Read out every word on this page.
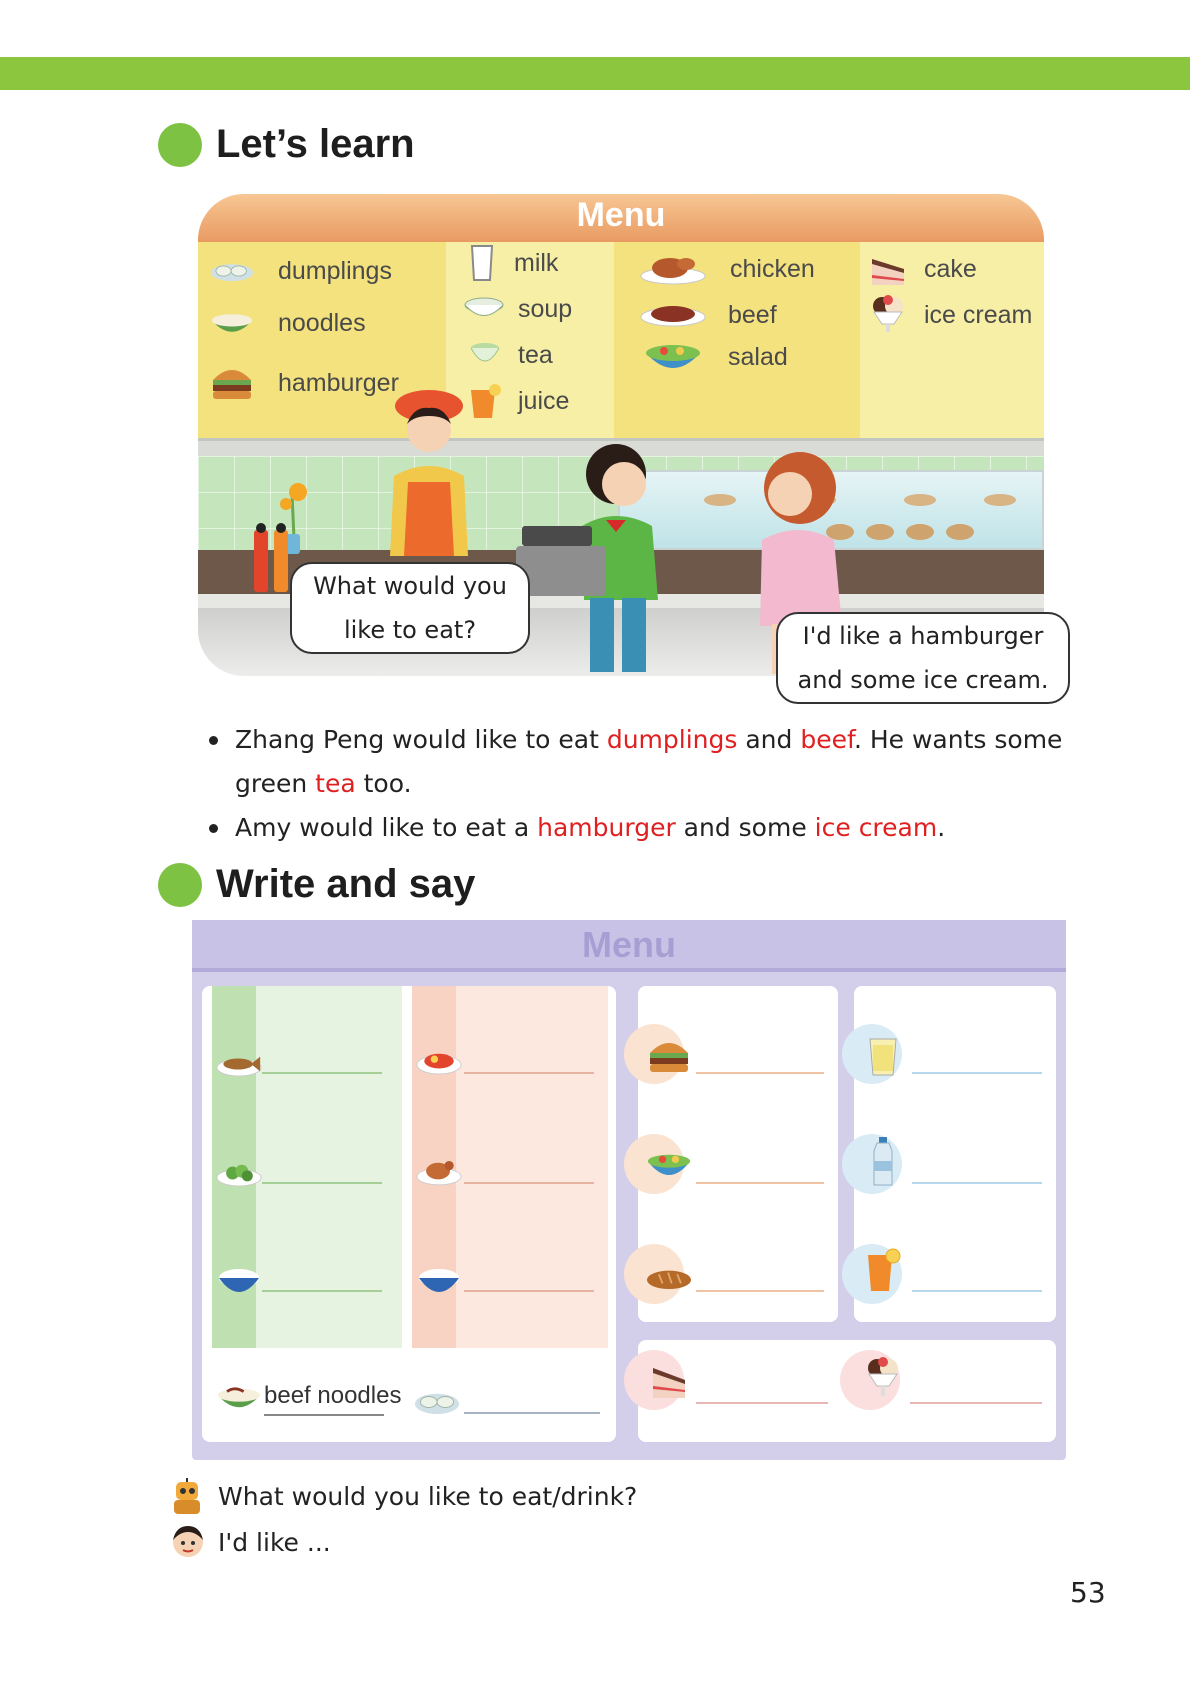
Let’s learn
Menu
dumplings
noodles
hamburger
milk
soup
tea
juice
chicken
beef
salad
cake
ice cream
What would you
like to eat?	I'd like a hamburger
and some ice cream.
Zhang Peng would like to eat dumplings and beef. He wants some green tea too.
Amy would like to eat a hamburger and some ice cream.
Write and say
Menu
beef noodles
What would you like to eat/drink?
I'd like ...
53
